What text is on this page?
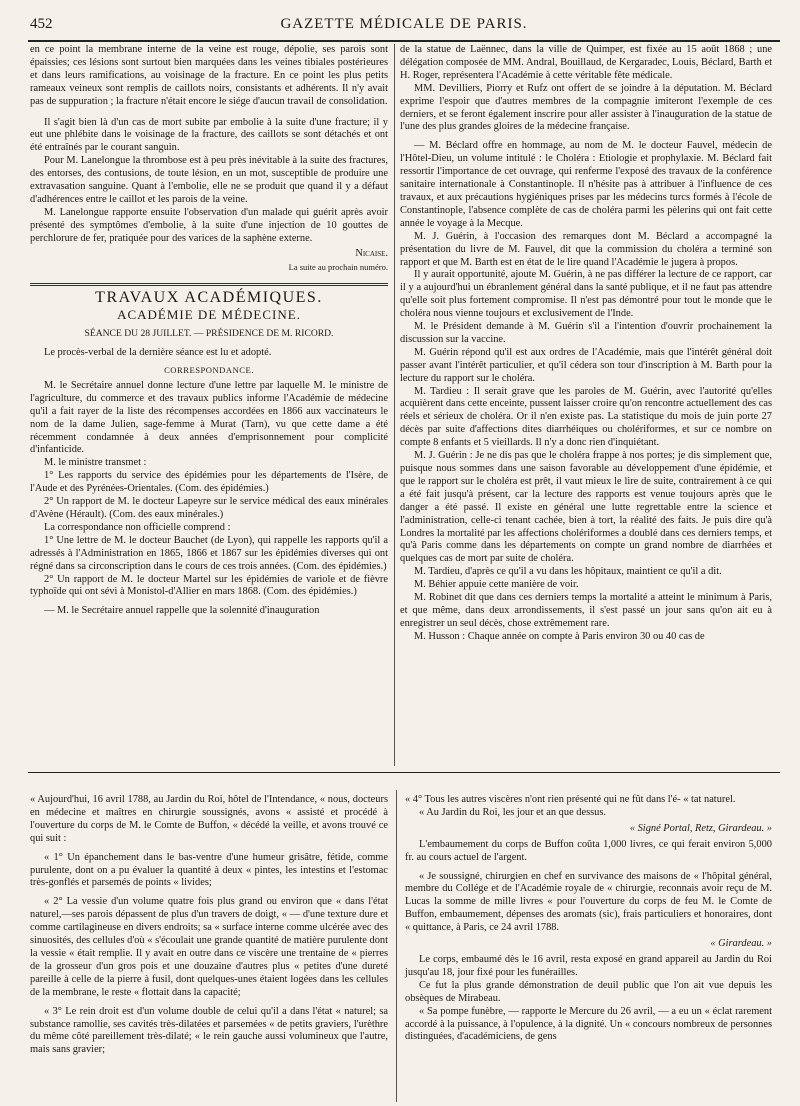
452	GAZETTE MÉDICALE DE PARIS.

en ce point la membrane interne de la veine est rouge, dépolie, ses parois sont épaissies; ces lésions sont surtout bien marquées dans les veines tibiales postérieures et dans leurs ramifications, au voisinage de la fracture. En ce point les plus petits rameaux veineux sont remplis de caillots noirs, consistants et adhérents. Il n'y avait pas de suppuration ; la fracture n'était encore le siége d'aucun travail de consolidation.

Il s'agit bien là d'un cas de mort subite par embolie à la suite d'une fracture; il y eut une phlébite dans le voisinage de la fracture, des caillots se sont détachés et ont été entraînés par le courant sanguin.

Pour M. Lanelongue la thrombose est à peu près inévitable à la suite des fractures, des entorses, des contusions, de toute lésion, en un mot, susceptible de produire une extravasation sanguine. Quant à l'embolie, elle ne se produit que quand il y a défaut d'adhérences entre le caillot et les parois de la veine.

M. Lanelongue rapporte ensuite l'observation d'un malade qui guérit après avoir présenté des symptômes d'embolie, à la suite d'une injection de 10 gouttes de perchlorure de fer, pratiquée pour des varices de la saphène externe.

Nicaise.
La suite au prochain numéro.
TRAVAUX ACADÉMIQUES.
ACADÉMIE DE MÉDECINE.
SÉANCE DU 28 JUILLET. — PRÉSIDENCE DE M. RICORD.

Le procès-verbal de la dernière séance est lu et adopté.

CORRESPONDANCE.

M. le Secrétaire annuel donne lecture d'une lettre par laquelle M. le ministre de l'agriculture, du commerce et des travaux publics informe l'Académie de médecine qu'il a fait rayer de la liste des récompenses accordées en 1866 aux vaccinateurs le nom de la dame Julien, sage-femme à Murat (Tarn), vu que cette dame a été récemment condamnée à deux années d'emprisonnement pour complicité d'infanticide.

M. le ministre transmet :

1° Les rapports du service des épidémies pour les départements de l'Isère, de l'Aude et des Pyrénées-Orientales. (Com. des épidémies.)

2° Un rapport de M. le docteur Lapeyre sur le service médical des eaux minérales d'Avène (Hérault). (Com. des eaux minérales.)

La correspondance non officielle comprend :

1° Une lettre de M. le docteur Bauchet (de Lyon), qui rappelle les rapports qu'il a adressés à l'Administration en 1865, 1866 et 1867 sur les épidémies diverses qui ont régné dans sa circonscription dans le cours de ces trois années. (Com. des épidémies.)

2° Un rapport de M. le docteur Martel sur les épidémies de variole et de fièvre typhoïde qui ont sévi à Monistol-d'Allier en mars 1868. (Com. des épidémies.)

— M. le Secrétaire annuel rappelle que la solennité d'inauguration

de la statue de Laënnec, dans la ville de Quimper, est fixée au 15 août 1868 ; une délégation composée de MM. Andral, Bouillaud, de Kergaradec, Louis, Béclard, Barth et H. Roger, représentera l'Académie à cette véritable fête médicale.

MM. Devilliers, Piorry et Rufz ont offert de se joindre à la députation. M. Béclard exprime l'espoir que d'autres membres de la compagnie imiteront l'exemple de ces derniers, et se feront également inscrire pour aller assister à l'inauguration de la statue de l'une des plus grandes gloires de la médecine française.

— M. Béclard offre en hommage, au nom de M. le docteur Fauvel, médecin de l'Hôtel-Dieu, un volume intitulé : le Choléra : Etiologie et prophylaxie. M. Béclard fait ressortir l'importance de cet ouvrage, qui renferme l'exposé des travaux de la conférence sanitaire internationale à Constantinople. Il n'hésite pas à attribuer à l'influence de ces travaux, et aux précautions hygiéniques prises par les médecins turcs formés à l'école de Constantinople, l'absence complète de cas de choléra parmi les pèlerins qui ont fait cette année le voyage à la Mecque.

M. J. Guérin, à l'occasion des remarques dont M. Béclard a accompagné la présentation du livre de M. Fauvel, dit que la commission du choléra a terminé son rapport et que M. Barth est en état de le lire quand l'Académie le jugera à propos.

Il y aurait opportunité, ajoute M. Guérin, à ne pas différer la lecture de ce rapport, car il y a aujourd'hui un ébranlement général dans la santé publique, et il ne faut pas attendre qu'elle soit plus fortement compromise. Il n'est pas démontré pour tout le monde que le choléra nous vienne toujours et exclusivement de l'Inde.

M. le Président demande à M. Guérin s'il a l'intention d'ouvrir prochainement la discussion sur la vaccine.

M. Guérin répond qu'il est aux ordres de l'Académie, mais que l'intérêt général doit passer avant l'intérêt particulier, et qu'il cédera son tour d'inscription à M. Barth pour la lecture du rapport sur le choléra.

M. Tardieu : Il serait grave que les paroles de M. Guérin, avec l'autorité qu'elles acquièrent dans cette enceinte, pussent laisser croire qu'on rencontre actuellement des cas réels et sérieux de choléra. Or il n'en existe pas. La statistique du mois de juin porte 27 décès par suite d'affections dites diarrhéiques ou cholériformes, et sur ce nombre on compte 8 enfants et 5 vieillards. Il n'y a donc rien d'inquiétant.

M. J. Guérin : Je ne dis pas que le choléra frappe à nos portes; je dis simplement que, puisque nous sommes dans une saison favorable au développement d'une épidémie, et que le rapport sur le choléra est prêt, il vaut mieux le lire de suite, contrairement à ce qui a été fait jusqu'à présent, car la lecture des rapports est venue toujours après que le danger a été passé. Il existe en général une lutte regrettable entre la science et l'administration, celle-ci tenant cachée, bien à tort, la réalité des faits. Je puis dire qu'à Londres la mortalité par les affections cholériformes a doublé dans ces derniers temps, et qu'à Paris comme dans les départements on compte un grand nombre de diarrhées et quelques cas de mort par suite de choléra.

M. Tardieu, d'après ce qu'il a vu dans les hôpitaux, maintient ce qu'il a dit.

M. Béhier appuie cette manière de voir.

M. Robinet dit que dans ces derniers temps la mortalité a atteint le minimum à Paris, et que même, dans deux arrondissements, il s'est passé un jour sans qu'on ait eu à enregistrer un seul décès, chose extrêmement rare.

M. Husson : Chaque année on compte à Paris environ 30 ou 40 cas de

« Aujourd'hui, 16 avril 1788, au Jardin du Roi, hôtel de l'Intendance, « nous, docteurs en médecine et maîtres en chirurgie soussignés, avons « assisté et procédé à l'ouverture du corps de M. le Comte de Buffon, « décédé la veille, et avons trouvé ce qui suit :

« 1° Un épanchement dans le bas-ventre d'une humeur grisâtre, fétide, comme purulente, dont on a pu évaluer la quantité à deux « pintes, les intestins et l'estomac très-gonflés et parsemés de points « livides;

« 2° La vessie d'un volume quatre fois plus grand ou environ que « dans l'état naturel,—ses parois dépassent de plus d'un travers de doigt, « — d'une texture dure et comme cartilagineuse en divers endroits; sa « surface interne comme ulcérée avec des sinuosités, des cellules d'où « s'écoulait une grande quantité de matière purulente dont la vessie « était remplie. Il y avait en outre dans ce viscère une trentaine de « pierres de la grosseur d'un gros pois et une douzaine d'autres plus « petites d'une dureté pareille à celle de la pierre à fusil, dont quelques-unes étaient logées dans les cellules de la membrane, le reste « flottait dans la capacité;

« 3° Le rein droit est d'un volume double de celui qu'il a dans l'état « naturel; sa substance ramollie, ses cavités très-dilatées et parsemées « de petits graviers, l'urèthre du même côté pareillement très-dilaté; « le rein gauche aussi volumineux que l'autre, mais sans gravier;

« 4° Tous les autres viscères n'ont rien présenté qui ne fût dans l'é- « tat naturel.

« Au Jardin du Roi, les jour et an que dessus.

« Signé Portal, Retz, Girardeau. »

L'embaumement du corps de Buffon coûta 1,000 livres, ce qui ferait environ 5,000 fr. au cours actuel de l'argent.

« Je soussigné, chirurgien en chef en survivance des maisons de « l'hôpital général, membre du Collége et de l'Académie royale de « chirurgie, reconnais avoir reçu de M. Lucas la somme de mille livres « pour l'ouverture du corps de feu M. le Comte de Buffon, embaumement, dépenses des aromats (sic), frais particuliers et honoraires, dont « quittance, à Paris, ce 24 avril 1788.

« Girardeau. »

Le corps, embaumé dès le 16 avril, resta exposé en grand appareil au Jardin du Roi jusqu'au 18, jour fixé pour les funérailles.

Ce fut la plus grande démonstration de deuil public que l'on ait vue depuis les obsèques de Mirabeau.

« Sa pompe funèbre, — rapporte le Mercure du 26 avril, — a eu un « éclat rarement accordé à la puissance, à l'opulence, à la dignité. Un « concours nombreux de personnes distinguées, d'académiciens, de gens
